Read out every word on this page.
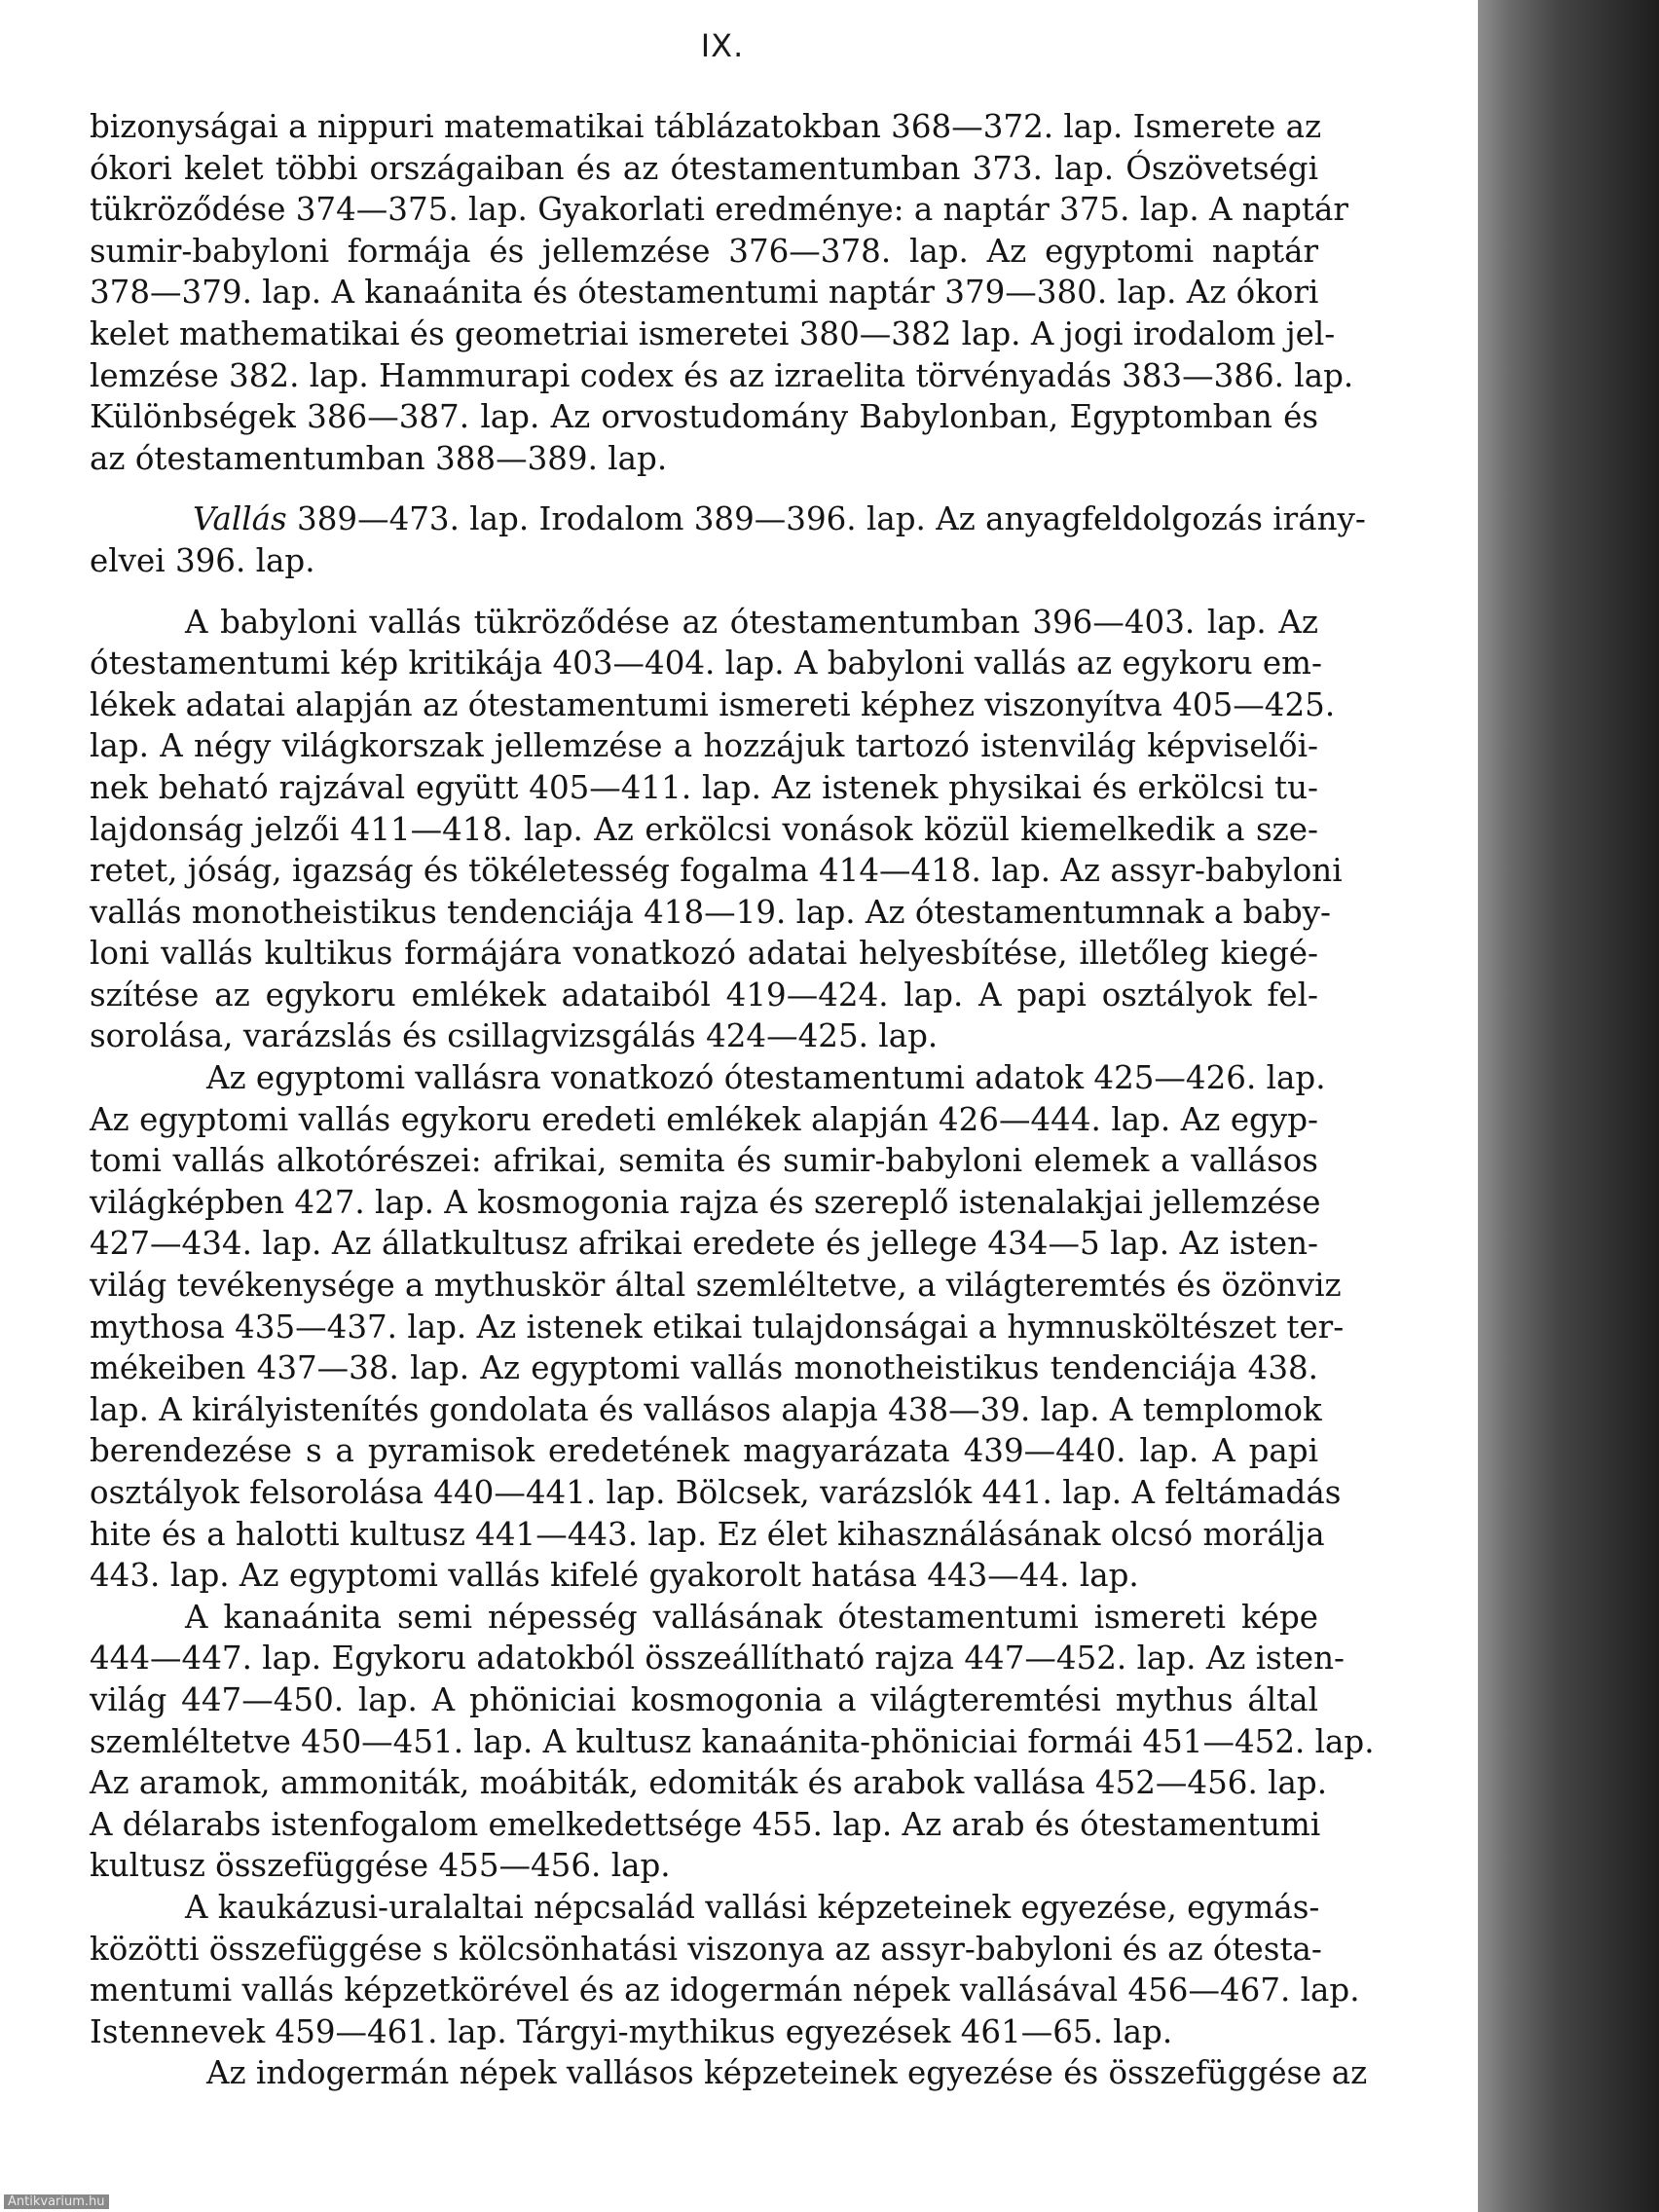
IX.
bizonyságai a nippuri matematikai táblázatokban 368—372. lap. Ismerete az
ókori kelet többi országaiban és az ótestamentumban 373. lap. Ószövetségi
tükröződése 374—375. lap. Gyakorlati eredménye: a naptár 375. lap. A naptár
sumir-babyloni formája és jellemzése 376—378. lap. Az egyptomi naptár
378—379. lap. A kanaánita és ótestamentumi naptár 379—380. lap. Az ókori
kelet mathematikai és geometriai ismeretei 380—382 lap. A jogi irodalom jel-
lemzése 382. lap. Hammurapi codex és az izraelita törvényadás 383—386. lap.
Különbségek 386—387. lap. Az orvostudomány Babylonban, Egyptomban és
az ótestamentumban 388—389. lap.
Vallás 389—473. lap. Irodalom 389—396. lap. Az anyagfeldolgozás irány-
elvei 396. lap.
A babyloni vallás tükröződése az ótestamentumban 396—403. lap. Az
ótestamentumi kép kritikája 403—404. lap. A babyloni vallás az egykoru em-
lékek adatai alapján az ótestamentumi ismereti képhez viszonyítva 405—425.
lap. A négy világkorszak jellemzése a hozzájuk tartozó istenvilág képviselői-
nek beható rajzával együtt 405—411. lap. Az istenek physikai és erkölcsi tu-
lajdonság jelzői 411—418. lap. Az erkölcsi vonások közül kiemelkedik a sze-
retet, jóság, igazság és tökéletesség fogalma 414—418. lap. Az assyr-babyloni
vallás monotheistikus tendenciája 418—19. lap. Az ótestamentumnak a baby-
loni vallás kultikus formájára vonatkozó adatai helyesbítése, illetőleg kiegé-
szítése az egykoru emlékek adataiból 419—424. lap. A papi osztályok fel-
sorolása, varázslás és csillagvizsgálás 424—425. lap.
Az egyptomi vallásra vonatkozó ótestamentumi adatok 425—426. lap.
Az egyptomi vallás egykoru eredeti emlékek alapján 426—444. lap. Az egyp-
tomi vallás alkotórészei: afrikai, semita és sumir-babyloni elemek a vallásos
világképben 427. lap. A kosmogonia rajza és szereplő istenalakjai jellemzése
427—434. lap. Az állatkultusz afrikai eredete és jellege 434—5 lap. Az isten-
világ tevékenysége a mythuskör által szemléltetve, a világteremtés és özönviz
mythosa 435—437. lap. Az istenek etikai tulajdonságai a hymnusköltészet ter-
mékeiben 437—38. lap. Az egyptomi vallás monotheistikus tendenciája 438.
lap. A királyistenítés gondolata és vallásos alapja 438—39. lap. A templomok
berendezése s a pyramisok eredetének magyarázata 439—440. lap. A papi
osztályok felsorolása 440—441. lap. Bölcsek, varázslók 441. lap. A feltámadás
hite és a halotti kultusz 441—443. lap. Ez élet kihasználásának olcsó morálja
443. lap. Az egyptomi vallás kifelé gyakorolt hatása 443—44. lap.
A kanaánita semi népesség vallásának ótestamentumi ismereti képe
444—447. lap. Egykoru adatokból összeállítható rajza 447—452. lap. Az isten-
világ 447—450. lap. A phöniciai kosmogonia a világteremtési mythus által
szemléltetve 450—451. lap. A kultusz kanaánita-phöniciai formái 451—452. lap.
Az aramok, ammoniták, moábiták, edomiták és arabok vallása 452—456. lap.
A délarabs istenfogalom emelkedettsége 455. lap. Az arab és ótestamentumi
kultusz összefüggése 455—456. lap.
A kaukázusi-uralaltai népcsalád vallási képzeteinek egyezése, egymás-
közötti összefüggése s kölcsönhatási viszonya az assyr-babyloni és az ótesta-
mentumi vallás képzetkörével és az idogermán népek vallásával 456—467. lap.
Istennevek 459—461. lap. Tárgyi-mythikus egyezések 461—65. lap.
Az indogermán népek vallásos képzeteinek egyezése és összefüggése az
Antikvarium.hu
